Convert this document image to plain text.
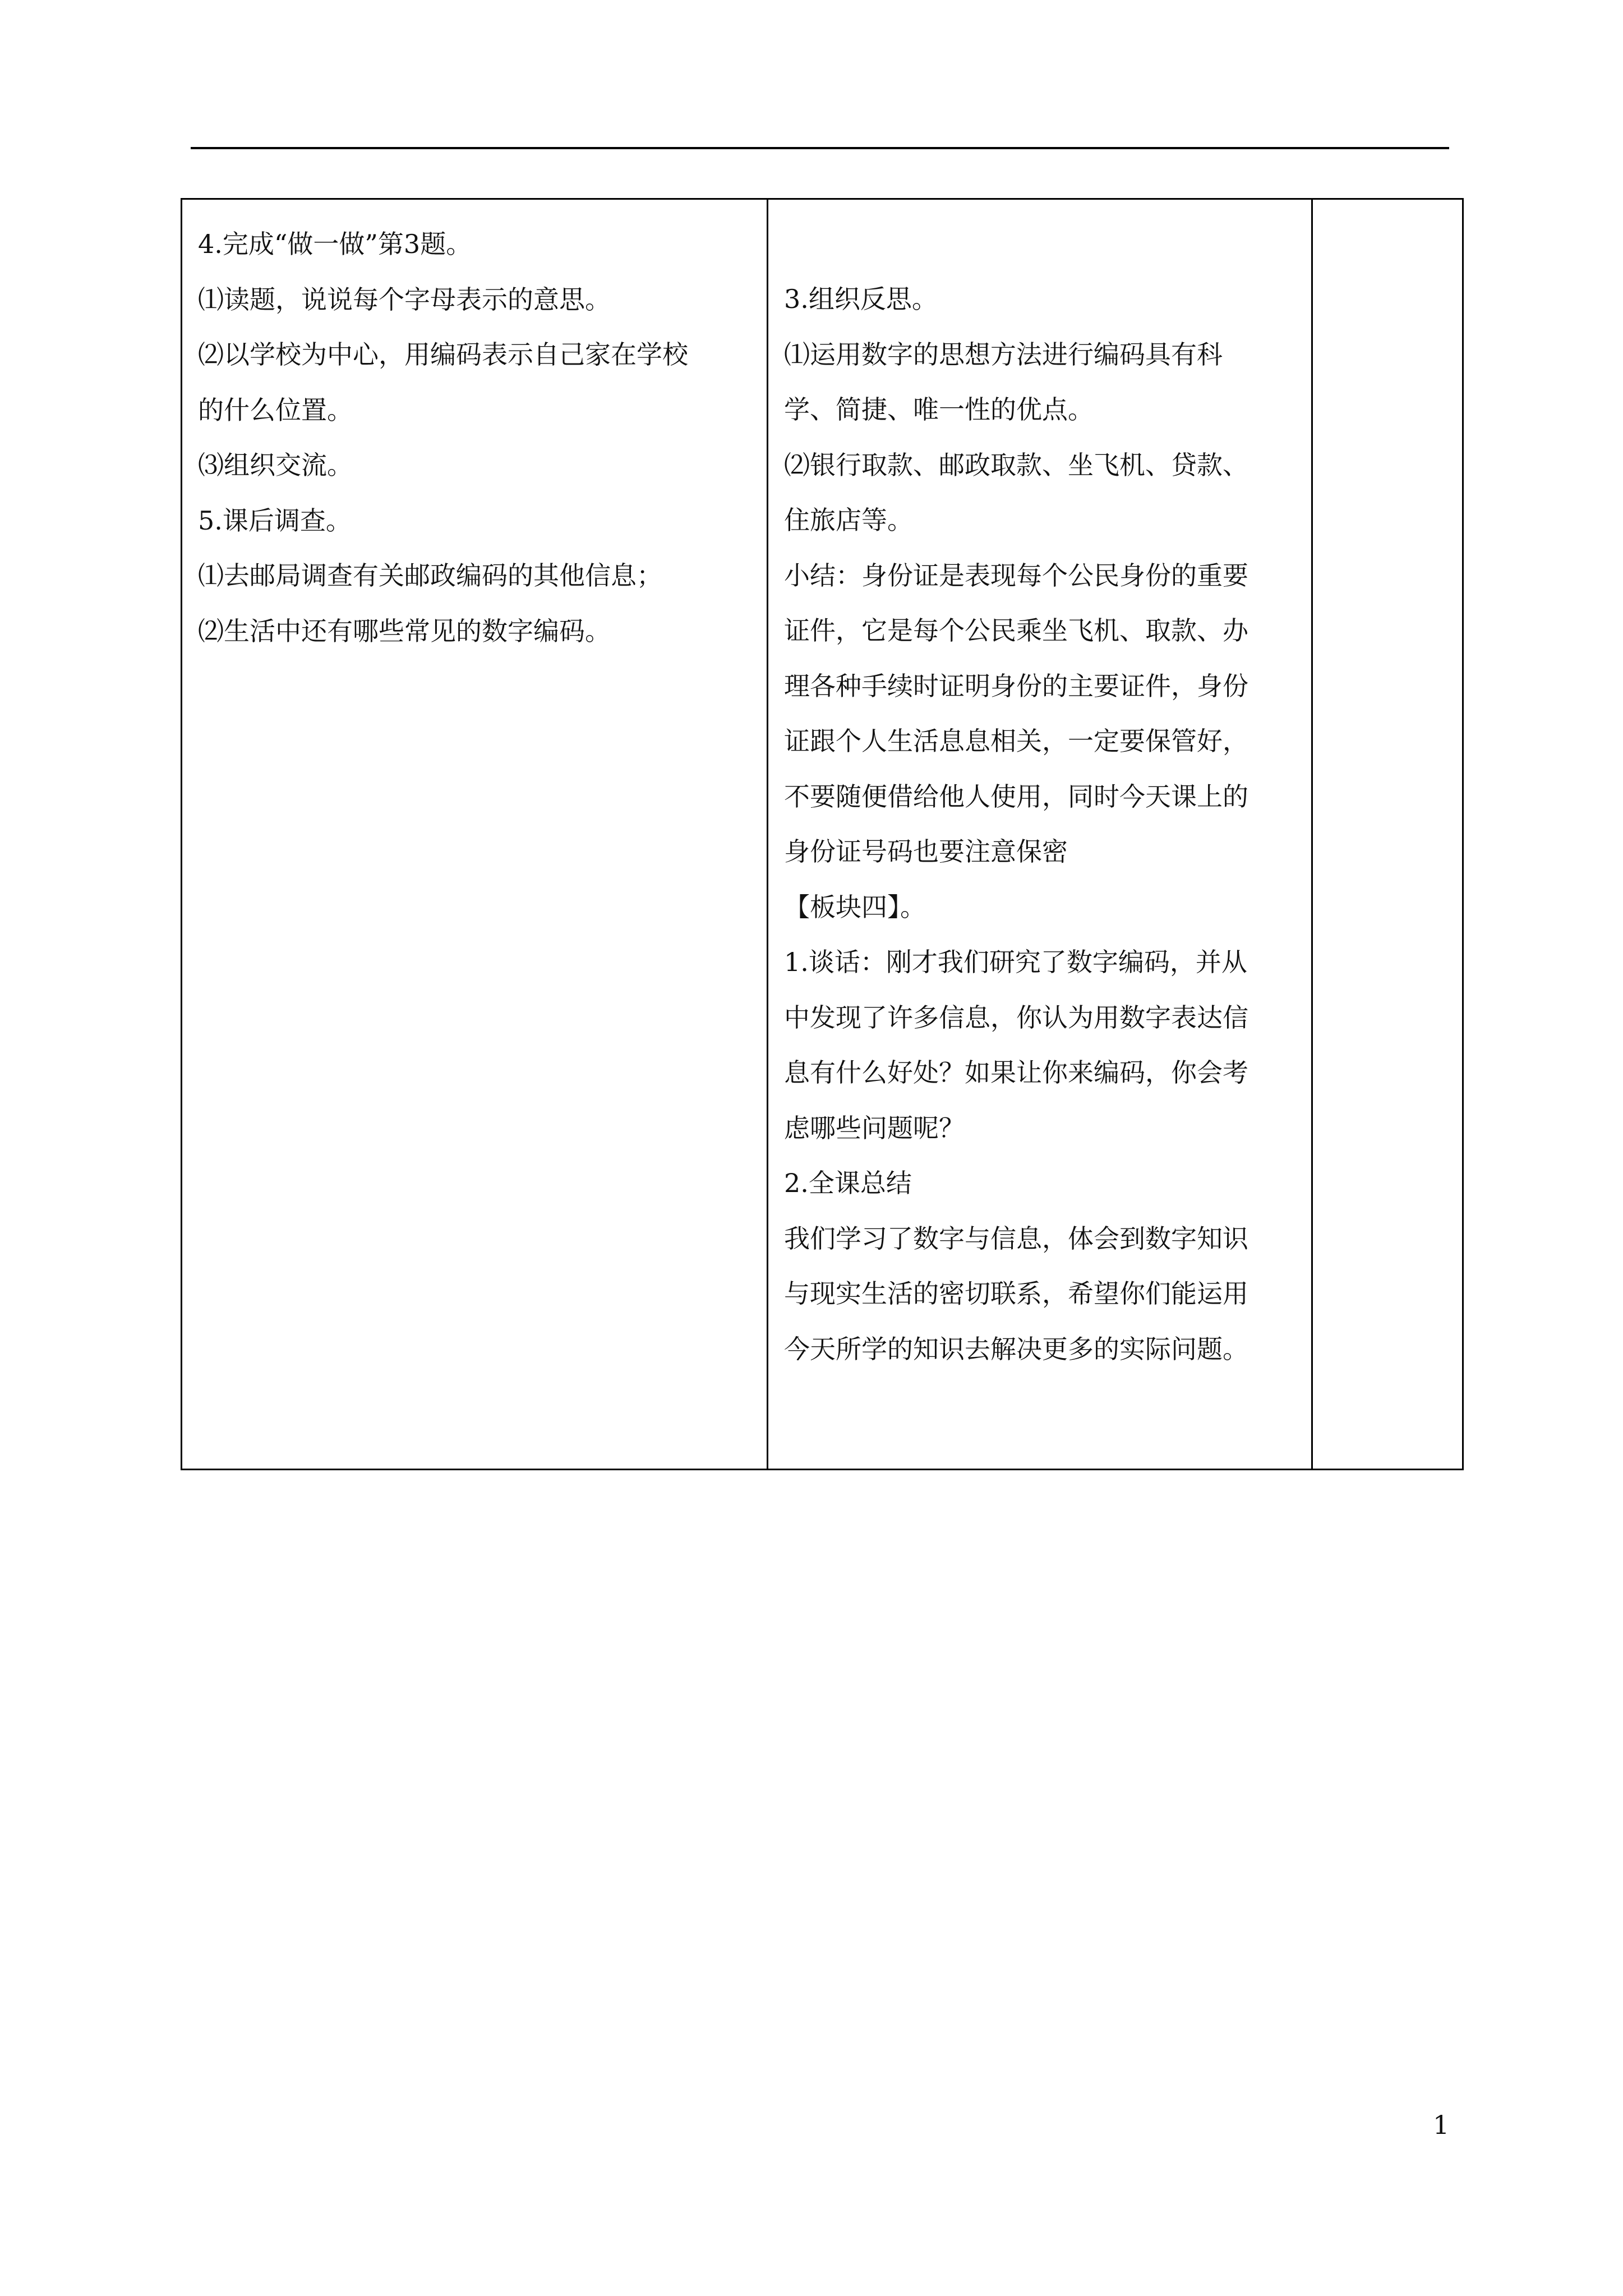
4.完成“做一做”第3题。
⑴读题，说说每个字母表示的意思。
⑵以学校为中心，用编码表示自己家在学校
的什么位置。
⑶组织交流。
5.课后调查。
⑴去邮局调查有关邮政编码的其他信息；
⑵生活中还有哪些常见的数字编码。

3.组织反思。
⑴运用数字的思想方法进行编码具有科
学、简捷、唯一性的优点。
⑵银行取款、邮政取款、坐飞机、贷款、
住旅店等。
小结：身份证是表现每个公民身份的重要
证件，它是每个公民乘坐飞机、取款、办
理各种手续时证明身份的主要证件，身份
证跟个人生活息息相关，一定要保管好，
不要随便借给他人使用，同时今天课上的
身份证号码也要注意保密
【板块四】。
1.谈话：刚才我们研究了数字编码，并从
中发现了许多信息，你认为用数字表达信
息有什么好处？如果让你来编码，你会考
虑哪些问题呢？
2.全课总结
我们学习了数字与信息，体会到数字知识
与现实生活的密切联系，希望你们能运用
今天所学的知识去解决更多的实际问题。

1
